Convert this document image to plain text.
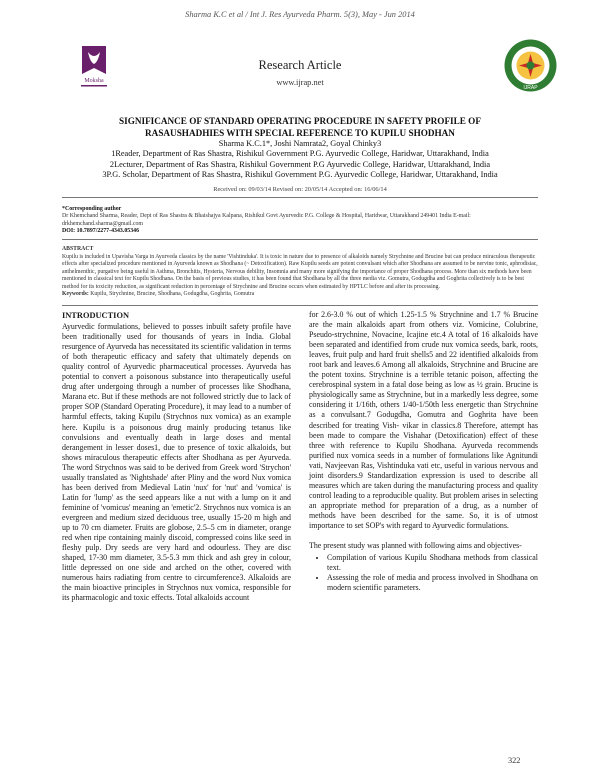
Sharma K.C et al / Int J. Res Ayurveda Pharm. 5(3), May - Jun 2014
Moksha
IJRAP
Research Article
www.ijrap.net
SIGNIFICANCE OF STANDARD OPERATING PROCEDURE IN SAFETY PROFILE OF
RASAUSHADHIES WITH SPECIAL REFERENCE TO KUPILU SHODHAN
Sharma K.C.1*, Joshi Namrata2, Goyal Chinky3
1Reader, Department of Ras Shastra, Rishikul Government P.G. Ayurvedic College, Haridwar, Uttarakhand, India
2Lecturer, Department of Ras Shastra, Rishikul Government P.G Ayurvedic College, Haridwar, Uttarakhand, India
3P.G. Scholar, Department of Ras Shastra, Rishikul Government P.G. Ayurvedic College, Haridwar, Uttarakhand, India
Received on: 09/03/14 Revised on: 20/05/14 Accepted on: 16/06/14
*Corresponding author
Dr Khemchand Sharma, Reader, Dept of Ras Shastra & Bhaishajya Kalpana, Rishikul Govt Ayurvedic P.G. College & Hospital, Haridwar, Uttarakhand 249401 India E-mail: drkhemchand.sharma@gmail.com
DOI: 10.7897/2277-4343.05346
ABSTRACT
Kupilu is included in Upavisha Varga in Ayurveda classics by the name 'Vishtinduka'. It is toxic in nature due to presence of alkaloids namely Strychnine and Brucine but can produce miraculous therapeutic effects after specialized procedure mentioned in Ayurveda known as Shodhana (~ Detoxification). Raw Kupilu seeds are potent convulsant which after Shodhana are assumed to be nervine tonic, aphrodisiac, anthelmenthic, purgative being useful in Asthma, Bronchitis, Hysteria, Nervous debility, Insomnia and many more signifying the importance of proper Shodhana process. More than six methods have been mentioned in classical text for Kupilu Shodhana. On the basis of previous studies, it has been found that Shodhana by all the three media viz. Gomutra, Godugdha and Goghrita collectively is to be best method for its toxicity reduction, as significant reduction in percentage of Strychnine and Brucine occurs when estimated by HPTLC before and after its processing.
Keywords: Kupilu, Strychnine, Brucine, Shodhana, Godugdha, Goghrita, Gomutra
INTRODUCTION

Ayurvedic formulations, believed to posses inbuilt safety profile have been traditionally used for thousands of years in India. Global resurgence of Ayurveda has necessitated its scientific validation in terms of both therapeutic efficacy and safety that ultimately depends on quality control of Ayurvedic pharmaceutical processes. Ayurveda has potential to convert a poisonous substance into therapeutically useful drug after undergoing through a number of processes like Shodhana, Marana etc. But if these methods are not followed strictly due to lack of proper SOP (Standard Operating Procedure), it may lead to a number of harmful effects, taking Kupilu (Strychnos nux vomica) as an example here. Kupilu is a poisonous drug mainly producing tetanus like convulsions and eventually death in large doses and mental derangement in lesser doses1, due to presence of toxic alkaloids, but shows miraculous therapeutic effects after Shodhana as per Ayurveda. The word Strychnos was said to be derived from Greek word 'Strychon' usually translated as 'Nightshade' after Pliny and the word Nux vomica has been derived from Medieval Latin 'nux' for 'nut' and 'vomica' is Latin for 'lump' as the seed appears like a nut with a lump on it and feminine of 'vomicus' meaning an 'emetic'2. Strychnos nux vomica is an evergreen and medium sized deciduous tree, usually 15-20 m high and up to 70 cm diameter. Fruits are globose, 2.5–5 cm in diameter, orange red when ripe containing mainly discoid, compressed coins like seed in fleshy pulp. Dry seeds are very hard and odourless. They are disc shaped, 17-30 mm diameter, 3.5-5.3 mm thick and ash grey in colour, little depressed on one side and arched on the other, covered with numerous hairs radiating from centre to circumference3. Alkaloids are the main bioactive principles in Strychnos nux vomica, responsible for its pharmacologic and toxic effects. Total alkaloids account

for 2.6-3.0 % out of which 1.25-1.5 % Strychnine and 1.7 % Brucine are the main alkaloids apart from others viz. Vomicine, Colubrine, Pseudo-strychnine, Novacine, Icajine etc.4 A total of 16 alkaloids have been separated and identified from crude nux vomica seeds, bark, roots, leaves, fruit pulp and hard fruit shells5 and 22 identified alkaloids from root bark and leaves.6 Among all alkaloids, Strychnine and Brucine are the potent toxins. Strychnine is a terrible tetanic poison, affecting the cerebrospinal system in a fatal dose being as low as ½ grain. Brucine is physiologically same as Strychnine, but in a markedly less degree, some considering it 1/16th, others 1/40-1/50th less energetic than Strychnine as a convulsant.7 Godugdha, Gomutra and Goghrita have been described for treating Vish- vikar in classics.8 Therefore, attempt has been made to compare the Vishahar (Detoxification) effect of these three with reference to Kupilu Shodhana. Ayurveda recommends purified nux vomica seeds in a number of formulations like Agnitundi vati, Navjeevan Ras, Vishtinduka vati etc, useful in various nervous and joint disorders.9 Standardization expression is used to describe all measures which are taken during the manufacturing process and quality control leading to a reproducible quality. But problem arises in selecting an appropriate method for preparation of a drug, as a number of methods have been described for the same. So, it is of utmost importance to set SOP's with regard to Ayurvedic formulations.

The present study was planned with following aims and objectives-

• Compilation of various Kupilu Shodhana methods from classical text.
• Assessing the role of media and process involved in Shodhana on modern scientific parameters.
322
